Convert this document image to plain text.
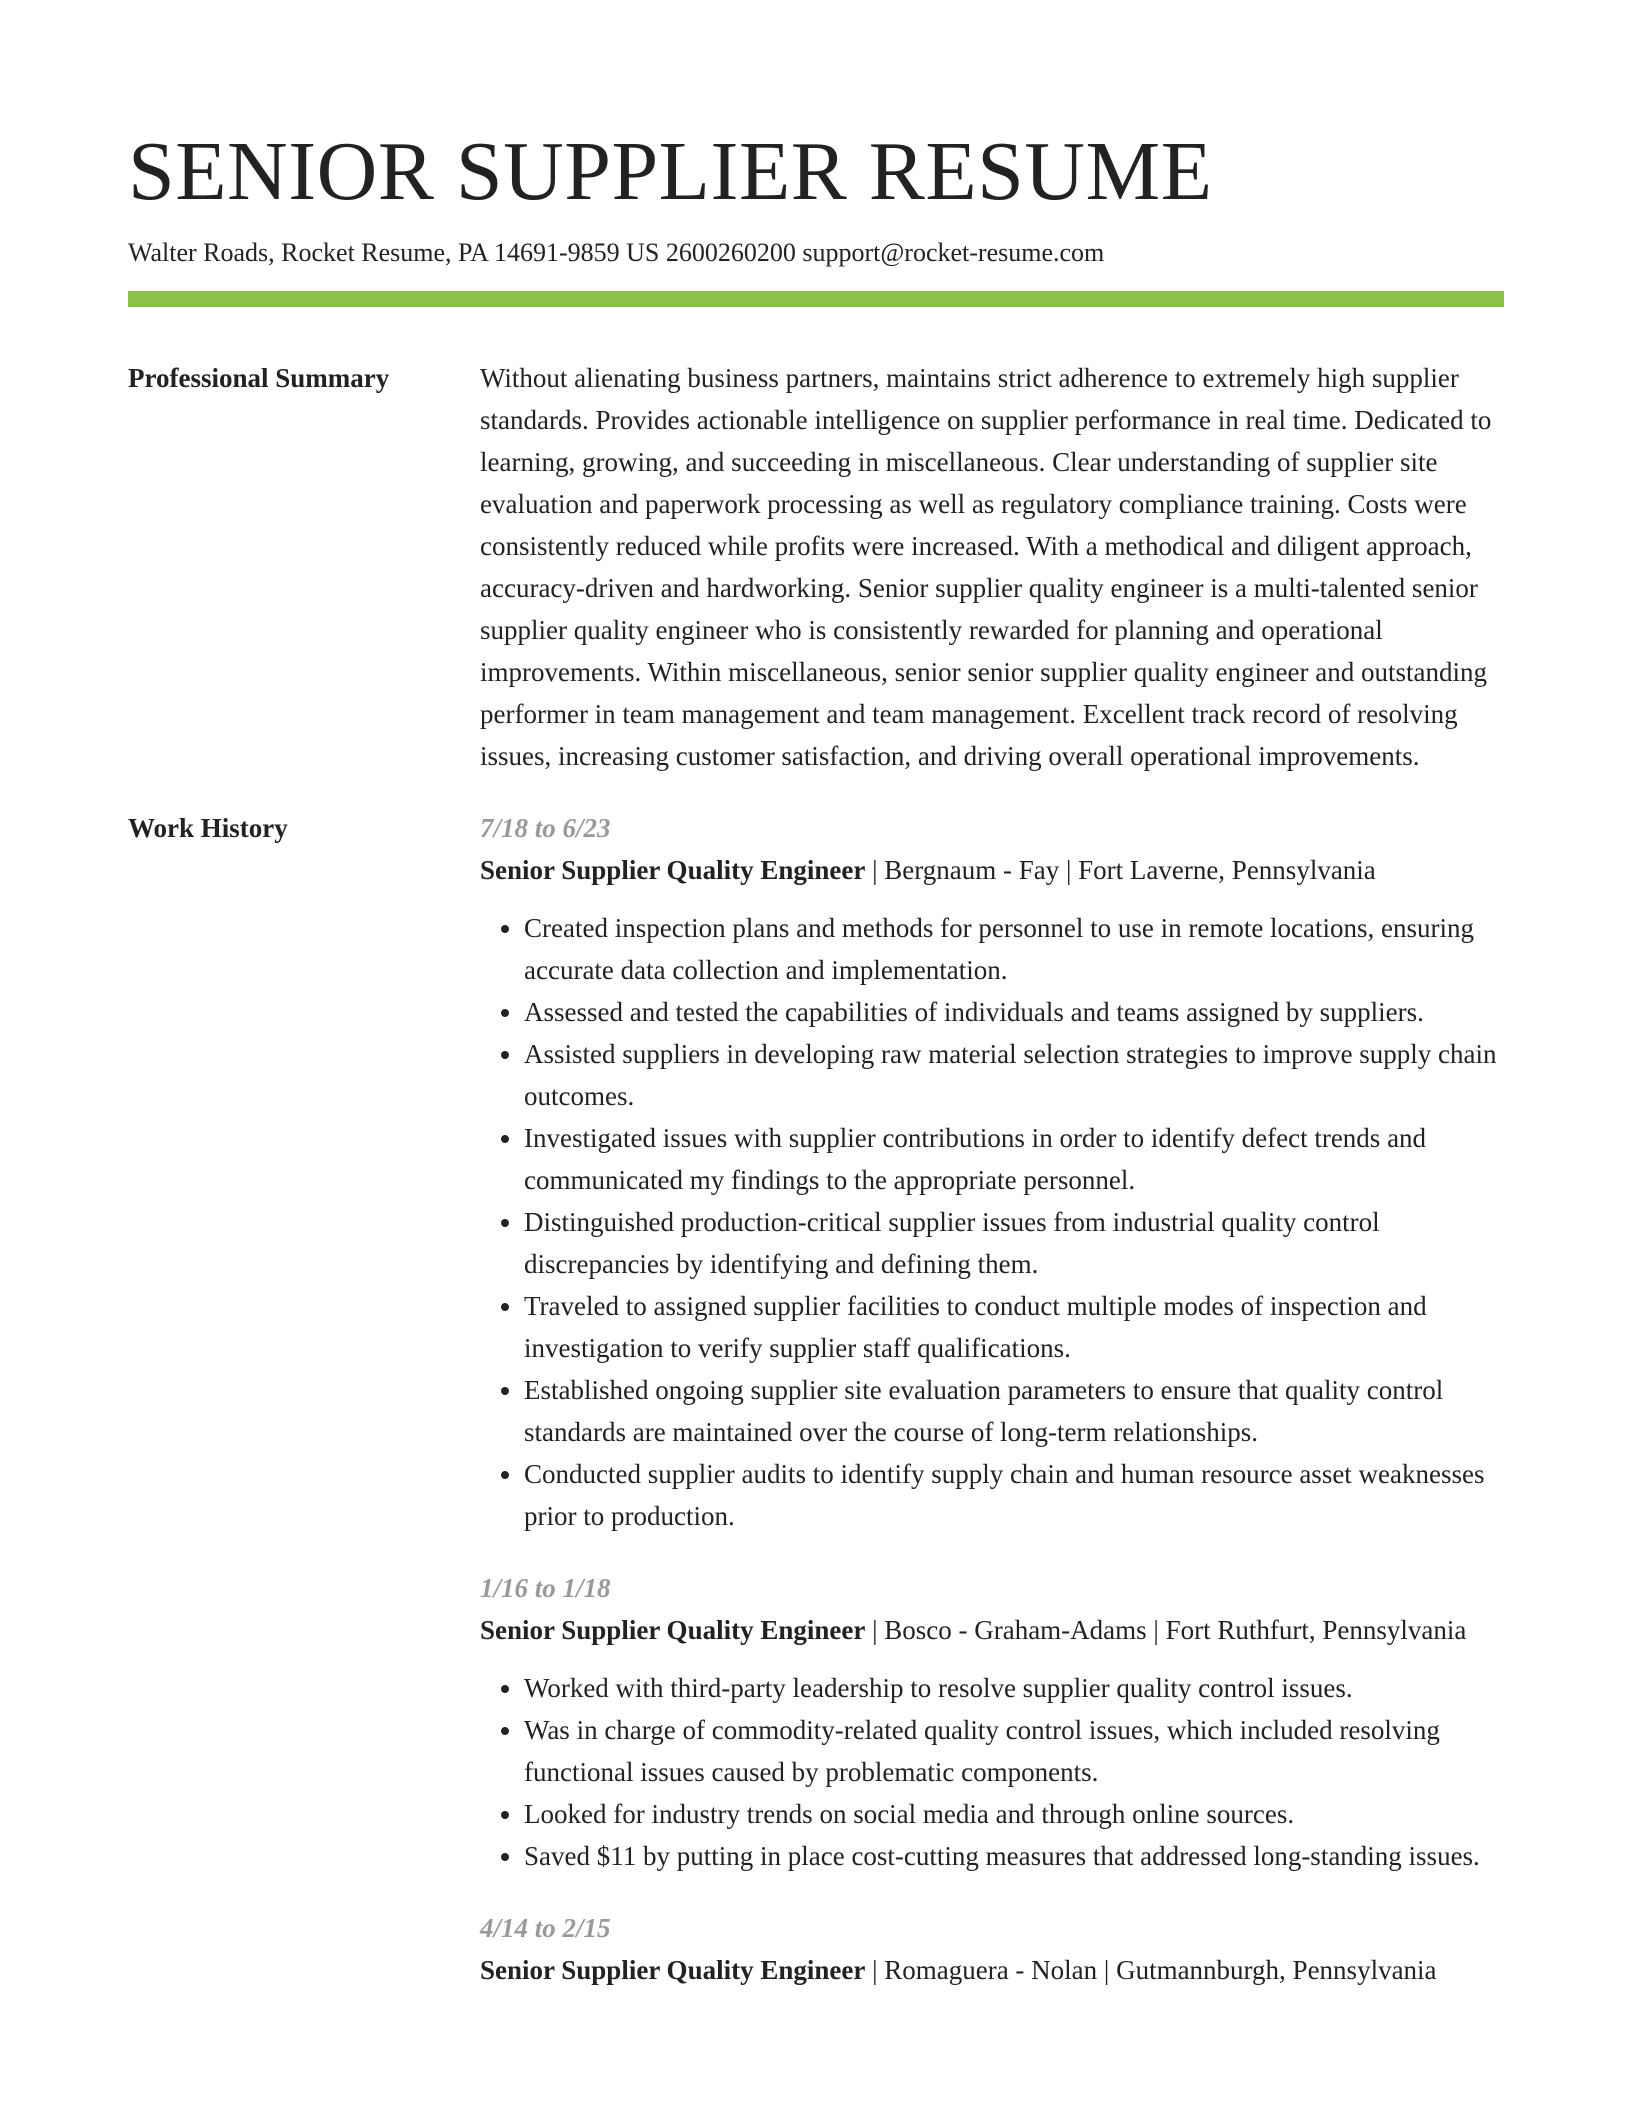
SENIOR SUPPLIER RESUME
Walter Roads, Rocket Resume, PA 14691-9859 US 2600260200 support@rocket-resume.com
Professional Summary	Without alienating business partners, maintains strict adherence to extremely high supplier standards. Provides actionable intelligence on supplier performance in real time. Dedicated to learning, growing, and succeeding in miscellaneous. Clear understanding of supplier site evaluation and paperwork processing as well as regulatory compliance training. Costs were consistently reduced while profits were increased. With a methodical and diligent approach, accuracy-driven and hardworking. Senior supplier quality engineer is a multi-talented senior supplier quality engineer who is consistently rewarded for planning and operational improvements. Within miscellaneous, senior senior supplier quality engineer and outstanding performer in team management and team management. Excellent track record of resolving issues, increasing customer satisfaction, and driving overall operational improvements.

Work History	7/18 to 6/23
Senior Supplier Quality Engineer | Bergnaum - Fay | Fort Laverne, Pennsylvania
• Created inspection plans and methods for personnel to use in remote locations, ensuring accurate data collection and implementation.
• Assessed and tested the capabilities of individuals and teams assigned by suppliers.
• Assisted suppliers in developing raw material selection strategies to improve supply chain outcomes.
• Investigated issues with supplier contributions in order to identify defect trends and communicated my findings to the appropriate personnel.
• Distinguished production-critical supplier issues from industrial quality control discrepancies by identifying and defining them.
• Traveled to assigned supplier facilities to conduct multiple modes of inspection and investigation to verify supplier staff qualifications.
• Established ongoing supplier site evaluation parameters to ensure that quality control standards are maintained over the course of long-term relationships.
• Conducted supplier audits to identify supply chain and human resource asset weaknesses prior to production.
1/16 to 1/18
Senior Supplier Quality Engineer | Bosco - Graham-Adams | Fort Ruthfurt, Pennsylvania
• Worked with third-party leadership to resolve supplier quality control issues.
• Was in charge of commodity-related quality control issues, which included resolving functional issues caused by problematic components.
• Looked for industry trends on social media and through online sources.
• Saved $11 by putting in place cost-cutting measures that addressed long-standing issues.
4/14 to 2/15
Senior Supplier Quality Engineer | Romaguera - Nolan | Gutmannburgh, Pennsylvania
